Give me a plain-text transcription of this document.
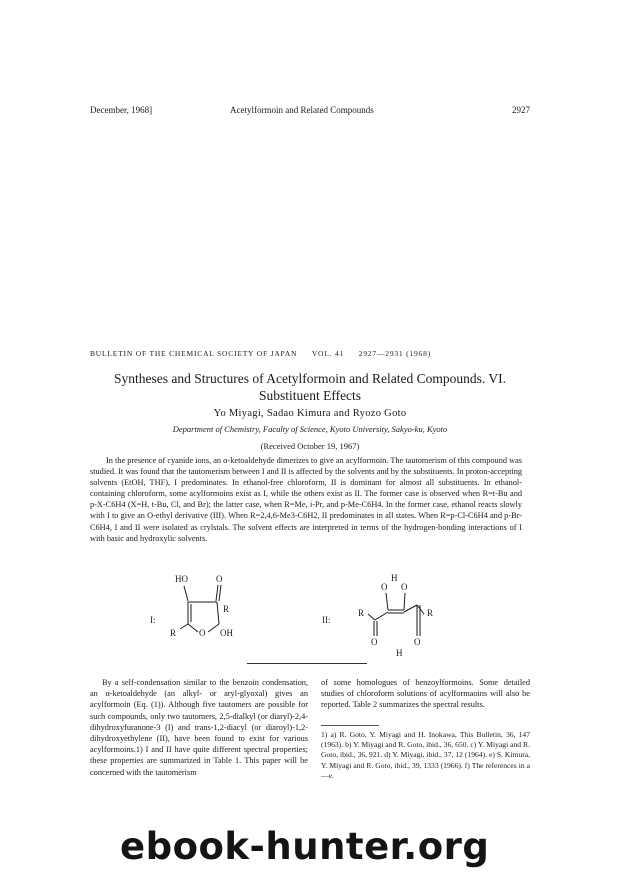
December, 1968]	Acetylformoin and Related Compounds	2927
BULLETIN OF THE CHEMICAL SOCIETY OF JAPAN VOL. 41 2927—2931 (1968)
Syntheses and Structures of Acetylformoin and Related Compounds. VI.
Substituent Effects
Yo Miyagi, Sadao Kimura and Ryozo Goto
Department of Chemistry, Faculty of Science, Kyoto University, Sakyo-ku, Kyoto
(Received October 19, 1967)

In the presence of cyanide ions, an α-ketoaldehyde dimerizes to give an acylformoin. The tautomerism of this compound was studied. It was found that the tautomerism between I and II is affected by the solvents and by the substituents. In proton-accepting solvents (EtOH, THF), I predominates. In ethanol-free chloroform, II is dominant for almost all substituents. In ethanol-containing chloroform, some acylformoins exist as I, while the others exist as II. The former case is observed when R=t-Bu and p-X-C6H4 (X=H, t-Bu, Cl, and Br); the latter case, when R=Me, i-Pr, and p-Me-C6H4. In the former case, ethanol reacts slowly with I to give an O-ethyl derivative (III). When R=2,4,6-Me3-C6H2, II predominates in all states. When R=p-Cl-C6H4 and p-Br-C6H4, I and II were isolated as crylstals. The solvent effects are interpreted in terms of the hydrogen-bonding interactions of I with basic and hydroxylic solvents.

I:
HO	O
R
O
R	OH
II:
H
O O
R
R
O	O
H

By a self-condensation similar to the benzoin condensation, an α-ketoaldehyde (an alkyl- or aryl-glyoxal) gives an acylformoin (Eq. (1)). Although five tautomers are possible for such compounds, only two tautomers, 2,5-dialkyl (or diaryl)-2,4-dihydroxyfuranone-3 (I) and trans-1,2-diacyl (or diaroyl)-1,2-dihydroxyethylene (II), have been found to exist for various acylformoins.1) I and II have quite different spectral properties; these properties are summarized in Table 1. This paper will be concerned with the tautomerism

of some homologues of benzoylformoins. Some detailed studies of chloroform solutions of acylformaoins will also be reported. Table 2 summarizes the spectral results.

1) a) R. Goto, Y. Miyagi and H. Inokawa, This Bulletin, 36, 147 (1963). b) Y. Miyagi and R. Goto, ibid., 36, 650. c) Y. Miyagi and R. Goto, ibid., 36, 921. d) Y. Miyagi, ibid., 37, 12 (1964). e) S. Kimura, Y. Miyagi and R. Goto, ibid., 39, 1333 (1966). f) The references in a—e.

ebook-hunter.org
